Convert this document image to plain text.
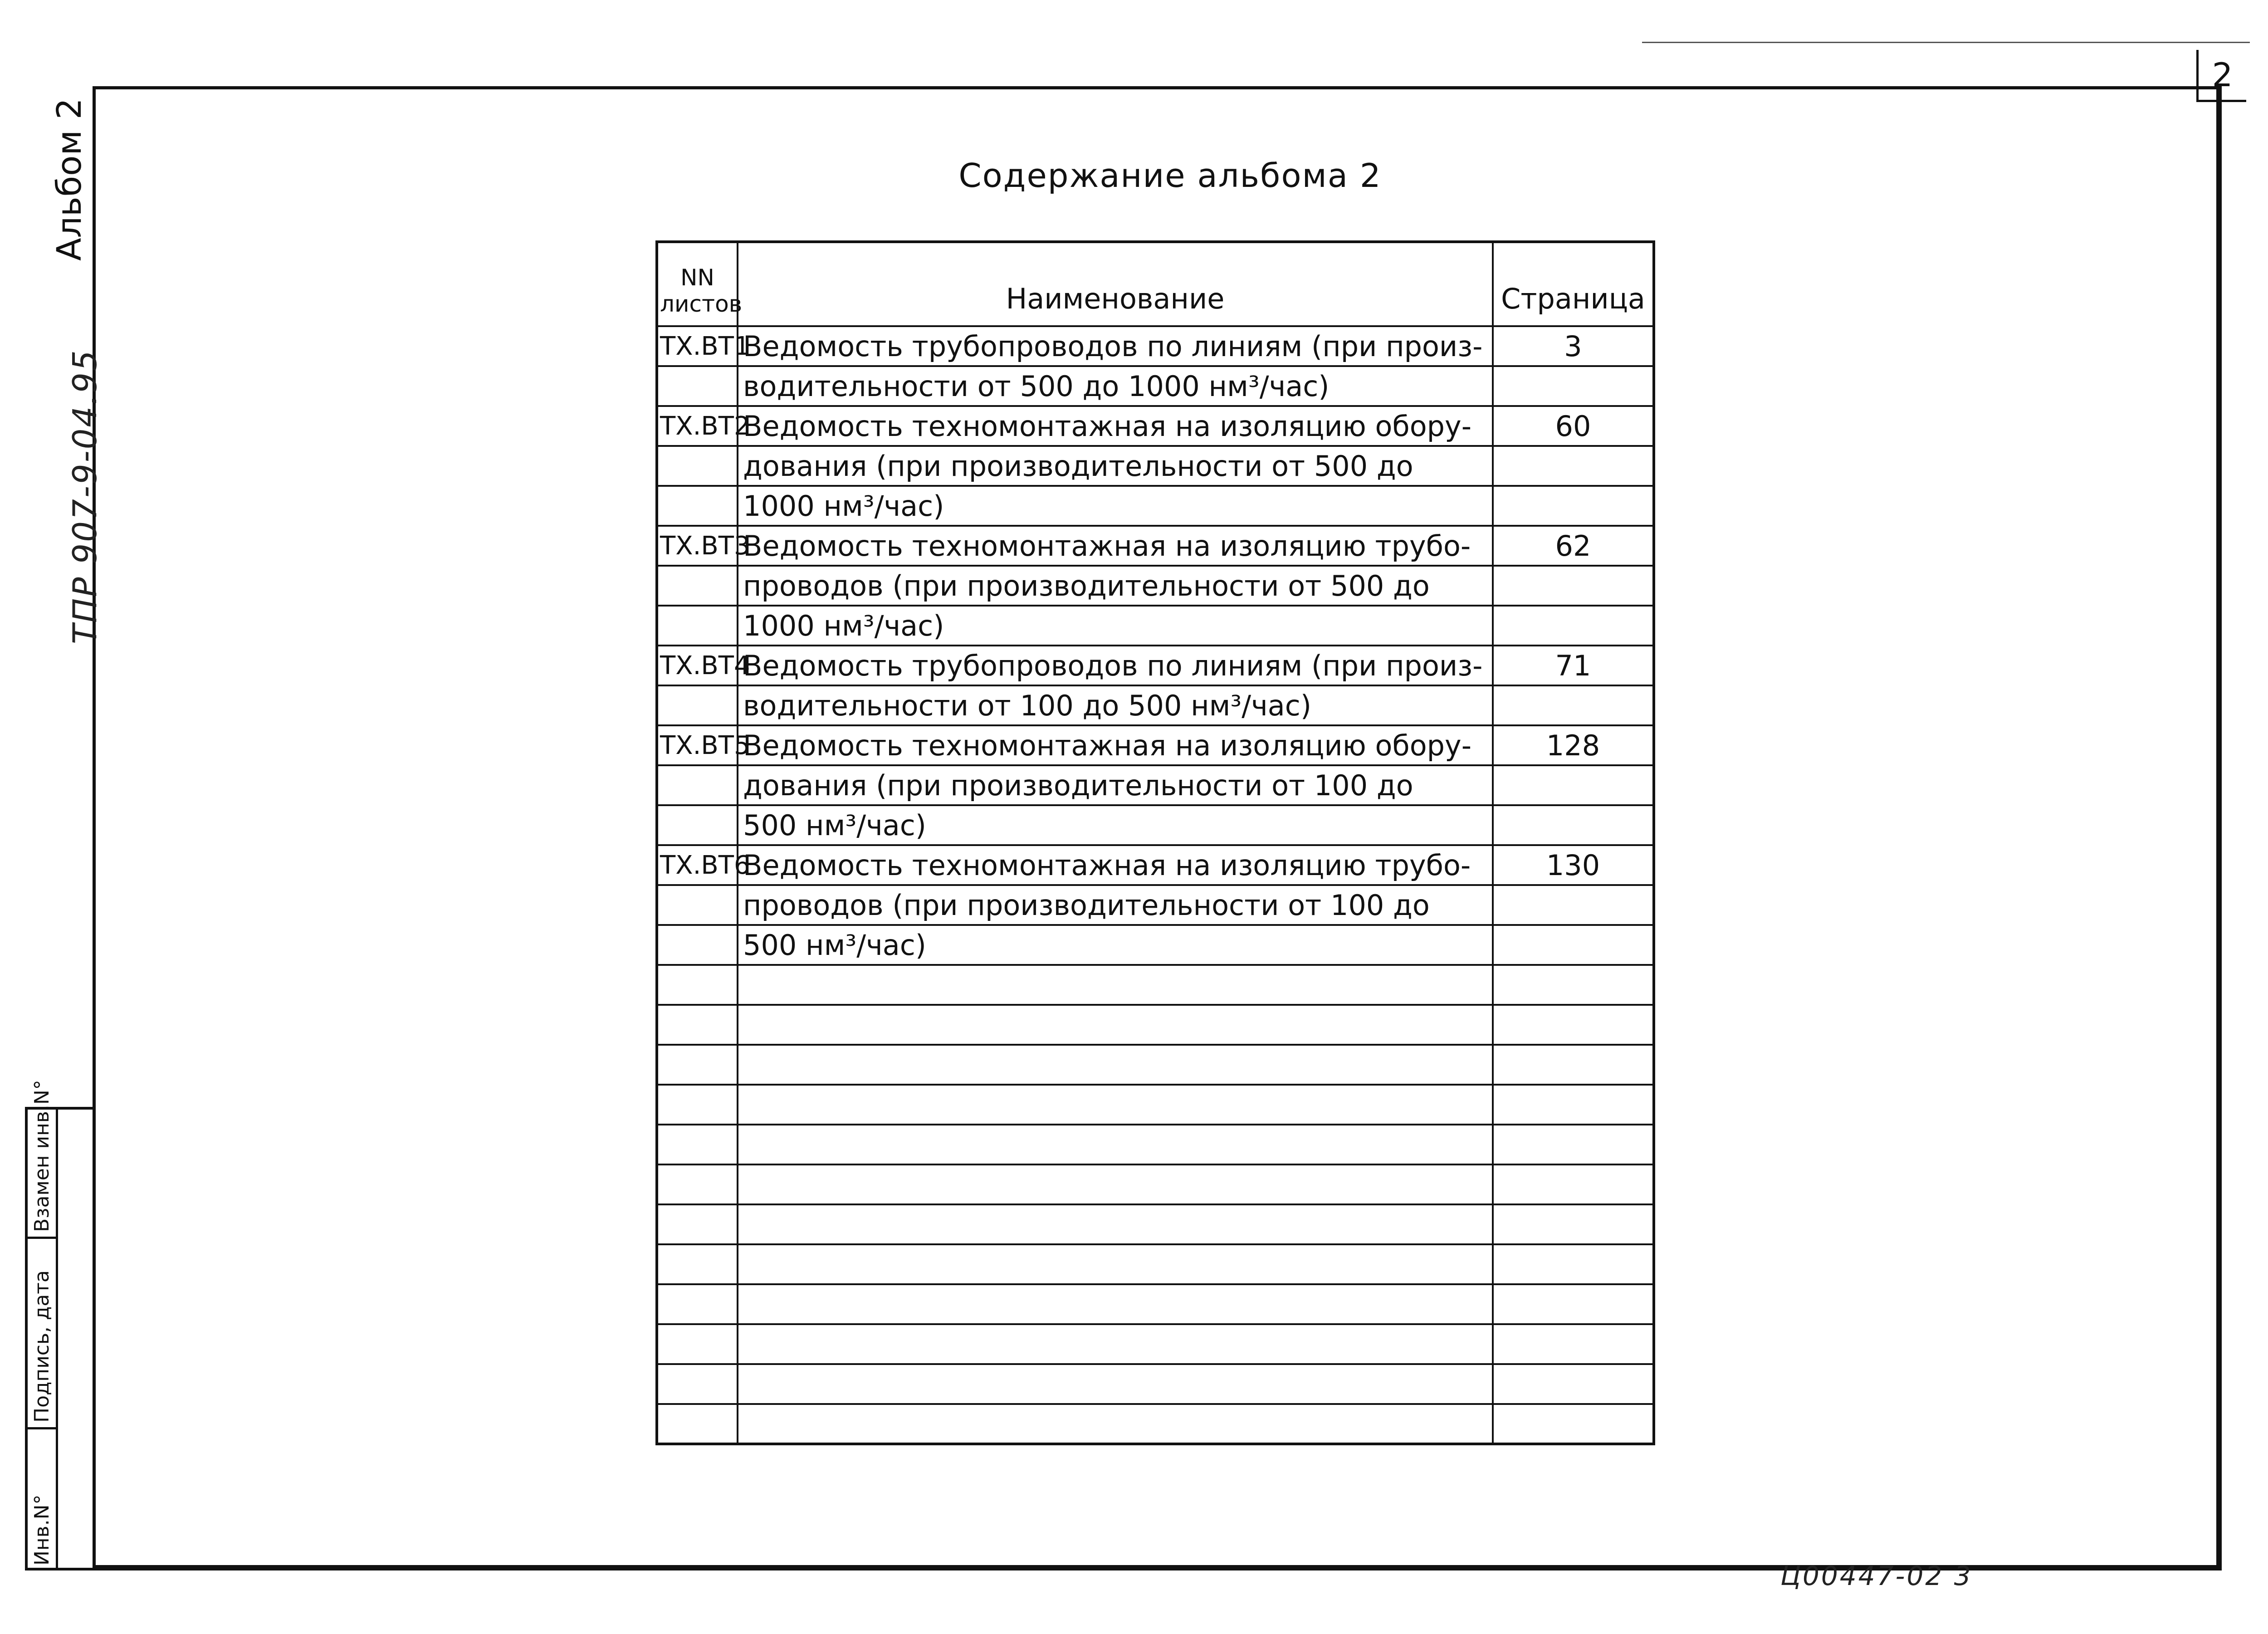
2
Альбом 2
ТПР 907-9-04.95
Взамен инв.N°
Подпись, дата
Инв.N°
Содержание альбома 2
NN
листов	Наименование	Страница
ТХ.ВТ1	Ведомость трубопроводов по линиям (при произ-	3
	водительности от 500 до 1000 нм³/час)	
ТХ.ВТ2	Ведомость техномонтажная на изоляцию обору-	60
	дования (при производительности от 500 до	
	1000 нм³/час)	
ТХ.ВТ3	Ведомость техномонтажная на изоляцию трубо-	62
	проводов (при производительности от 500 до	
	1000 нм³/час)	
ТХ.ВТ4	Ведомость трубопроводов по линиям (при произ-	71
	водительности от 100 до 500 нм³/час)	
ТХ.ВТ5	Ведомость техномонтажная на изоляцию обору-	128
	дования (при производительности от 100 до	
	500 нм³/час)	
ТХ.ВТ6	Ведомость техномонтажная на изоляцию трубо-	130
	проводов (при производительности от 100 до	
	500 нм³/час)	

Ц00447-02 3
